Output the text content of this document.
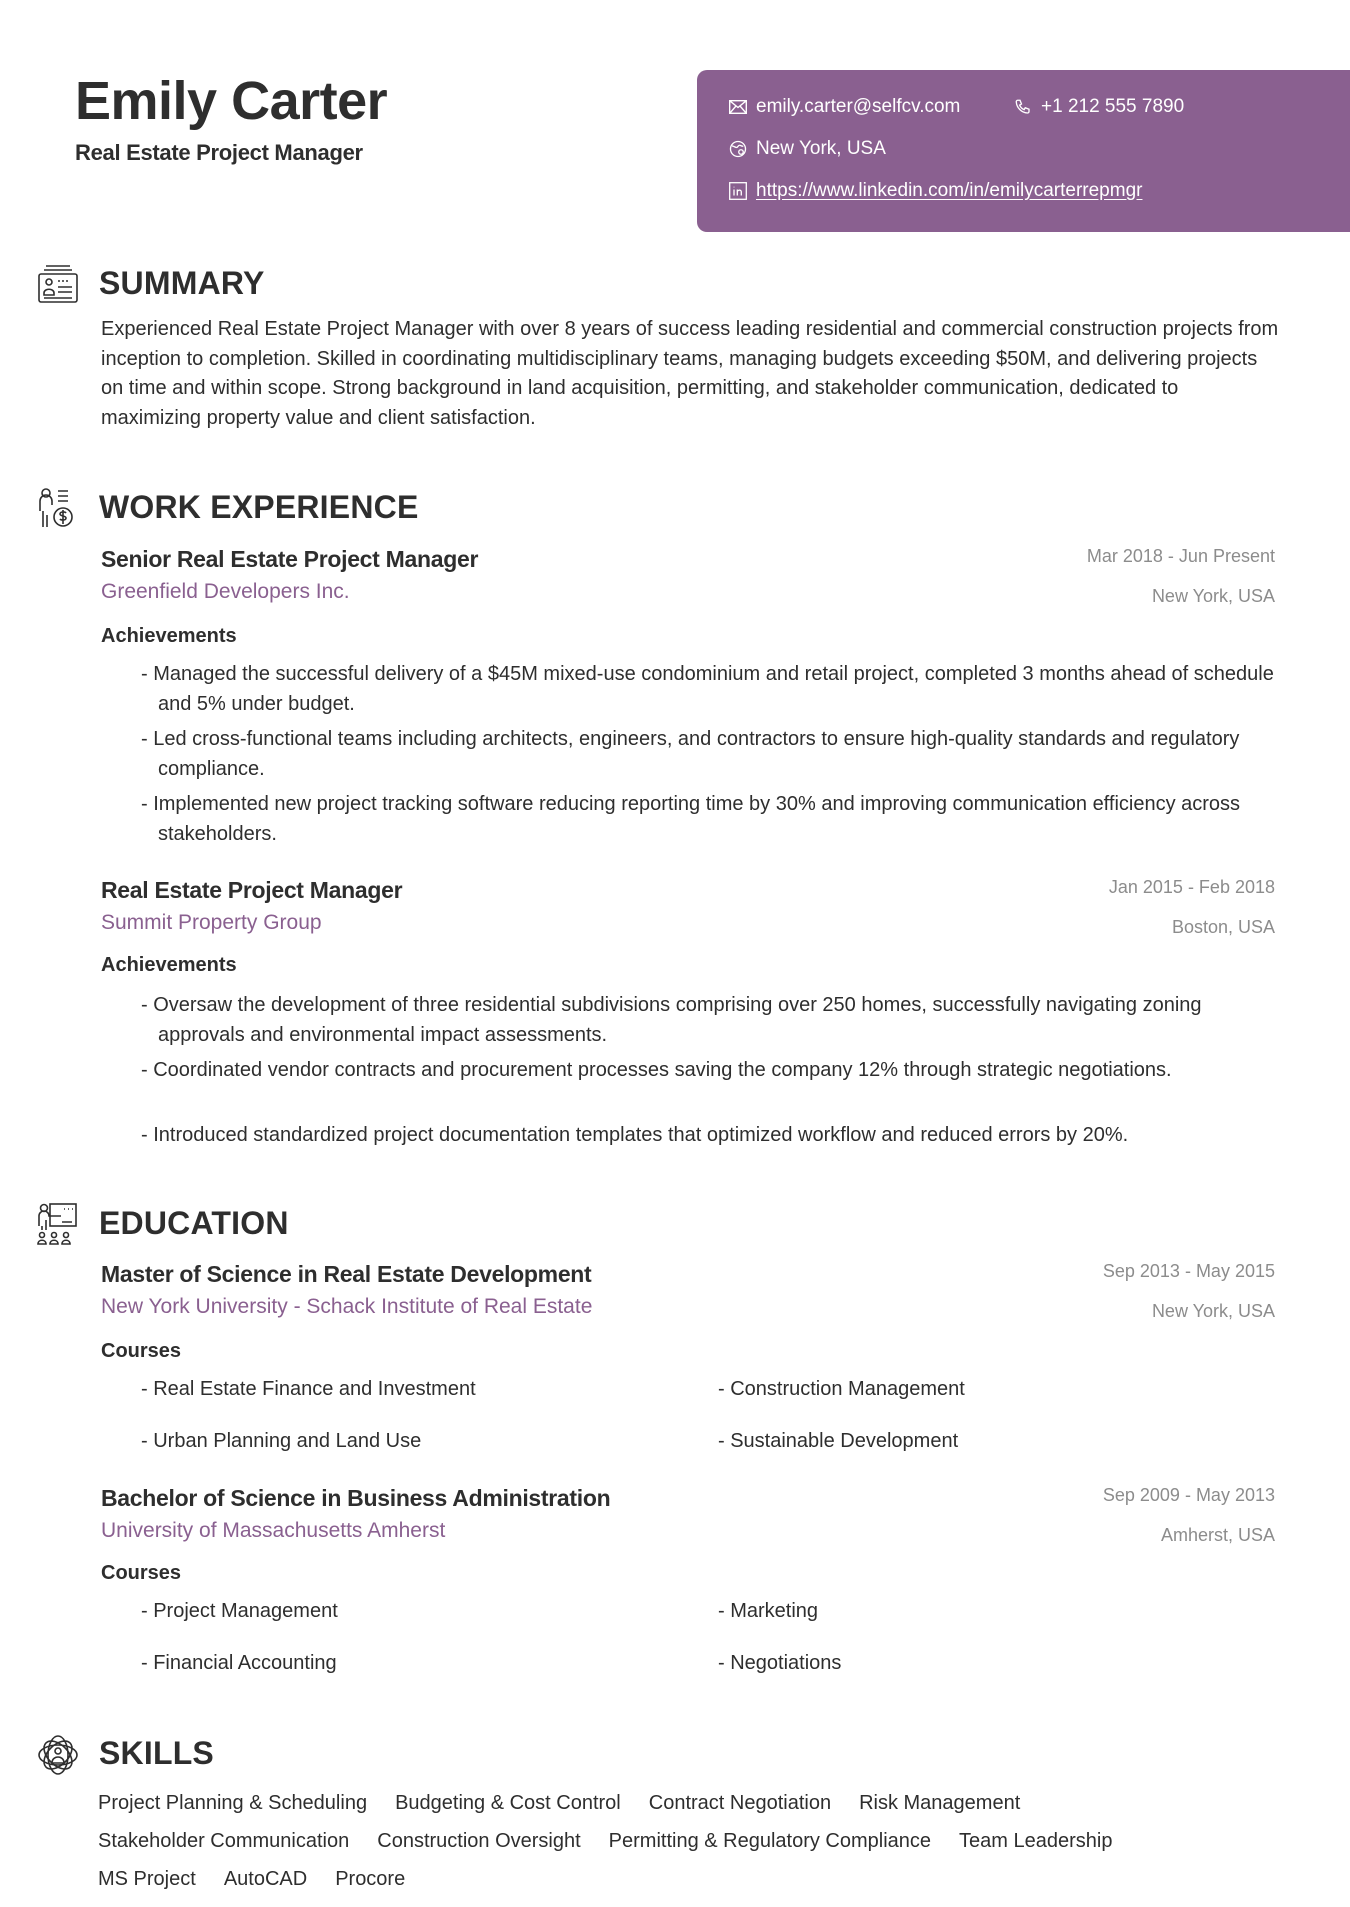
Emily Carter
Real Estate Project Manager
emily.carter@selfcv.com	+1 212 555 7890
New York, USA
https://www.linkedin.com/in/emilycarterrepmgr
SUMMARY
Experienced Real Estate Project Manager with over 8 years of success leading residential and commercial construction projects from inception to completion. Skilled in coordinating multidisciplinary teams, managing budgets exceeding $50M, and delivering projects on time and within scope. Strong background in land acquisition, permitting, and stakeholder communication, dedicated to maximizing property value and client satisfaction.
WORK EXPERIENCE
Senior Real Estate Project Manager	Mar 2018 - Jun Present
Greenfield Developers Inc.	New York, USA
Achievements
- Managed the successful delivery of a $45M mixed-use condominium and retail project, completed 3 months ahead of schedule and 5% under budget.
- Led cross-functional teams including architects, engineers, and contractors to ensure high-quality standards and regulatory compliance.
- Implemented new project tracking software reducing reporting time by 30% and improving communication efficiency across stakeholders.
Real Estate Project Manager	Jan 2015 - Feb 2018
Summit Property Group	Boston, USA
Achievements
- Oversaw the development of three residential subdivisions comprising over 250 homes, successfully navigating zoning approvals and environmental impact assessments.
- Coordinated vendor contracts and procurement processes saving the company 12% through strategic negotiations.
- Introduced standardized project documentation templates that optimized workflow and reduced errors by 20%.
EDUCATION
Master of Science in Real Estate Development	Sep 2013 - May 2015
New York University - Schack Institute of Real Estate	New York, USA
Courses
- Real Estate Finance and Investment	- Construction Management
- Urban Planning and Land Use	- Sustainable Development
Bachelor of Science in Business Administration	Sep 2009 - May 2013
University of Massachusetts Amherst	Amherst, USA
Courses
- Project Management	- Marketing
- Financial Accounting	- Negotiations
SKILLS
Project Planning & Scheduling Budgeting & Cost Control Contract Negotiation Risk Management
Stakeholder Communication Construction Oversight Permitting & Regulatory Compliance Team Leadership
MS Project AutoCAD Procore
